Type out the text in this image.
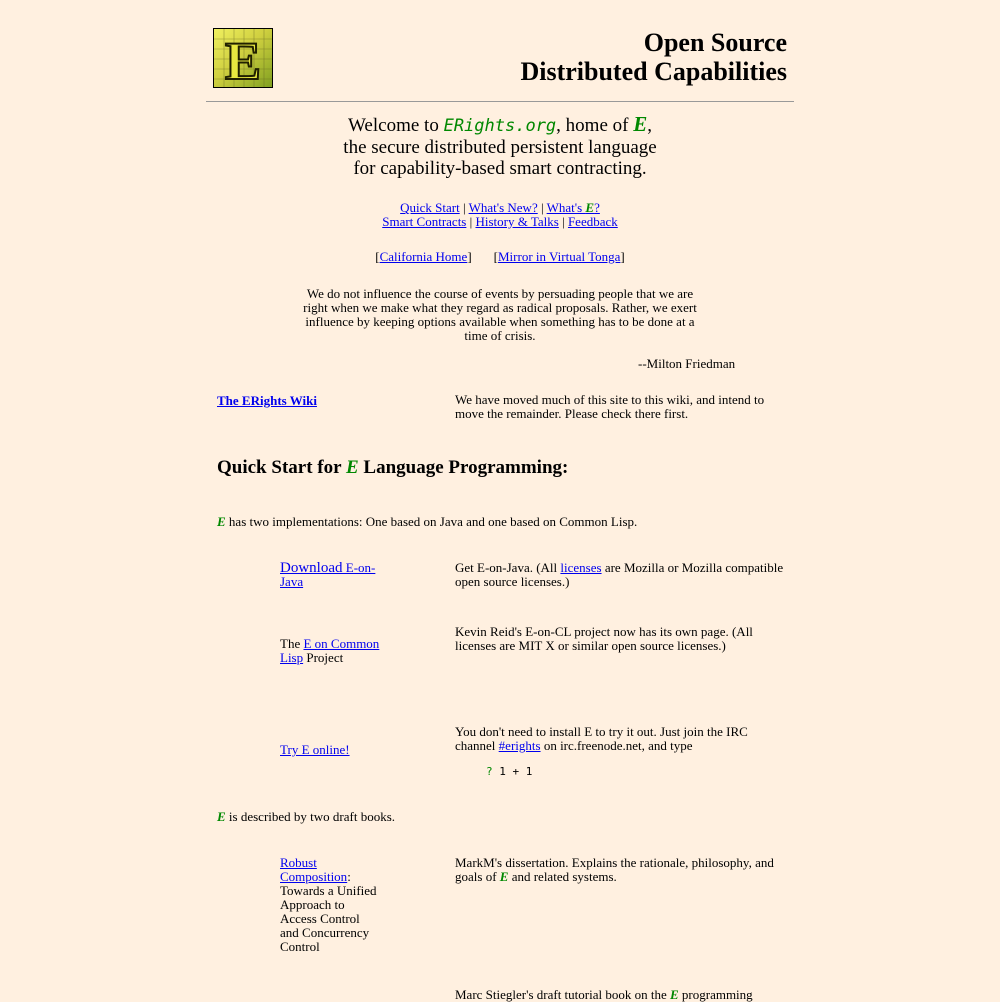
E	Open Source
Distributed Capabilities
Welcome to ERights.org, home of E,
the secure distributed persistent language
for capability-based smart contracting.
Quick Start | What's New? | What's E?
Smart Contracts | History & Talks | Feedback
[California Home] [Mirror in Virtual Tonga]
We do not influence the course of events by persuading people that we are right when we make what they regard as radical proposals. Rather, we exert influence by keeping options available when something has to be done at a time of crisis.
--Milton Friedman
The ERights Wiki	We have moved much of this site to this wiki, and intend to move the remainder. Please check there first.
Quick Start for E Language Programming:
E has two implementations: One based on Java and one based on Common Lisp.
Download E-on-Java
Get E-on-Java. (All licenses are Mozilla or Mozilla compatible open source licenses.)
The E on Common Lisp Project
Kevin Reid's E-on-CL project now has its own page. (All licenses are MIT X or similar open source licenses.)
Try E online!
You don't need to install E to try it out. Just join the IRC channel #erights on irc.freenode.net, and type
? 1 + 1
E is described by two draft books.
Robust Composition: Towards a Unified Approach to Access Control and Concurrency Control
MarkM's dissertation. Explains the rationale, philosophy, and goals of E and related systems.
Marc Stiegler's draft tutorial book on the E programming
